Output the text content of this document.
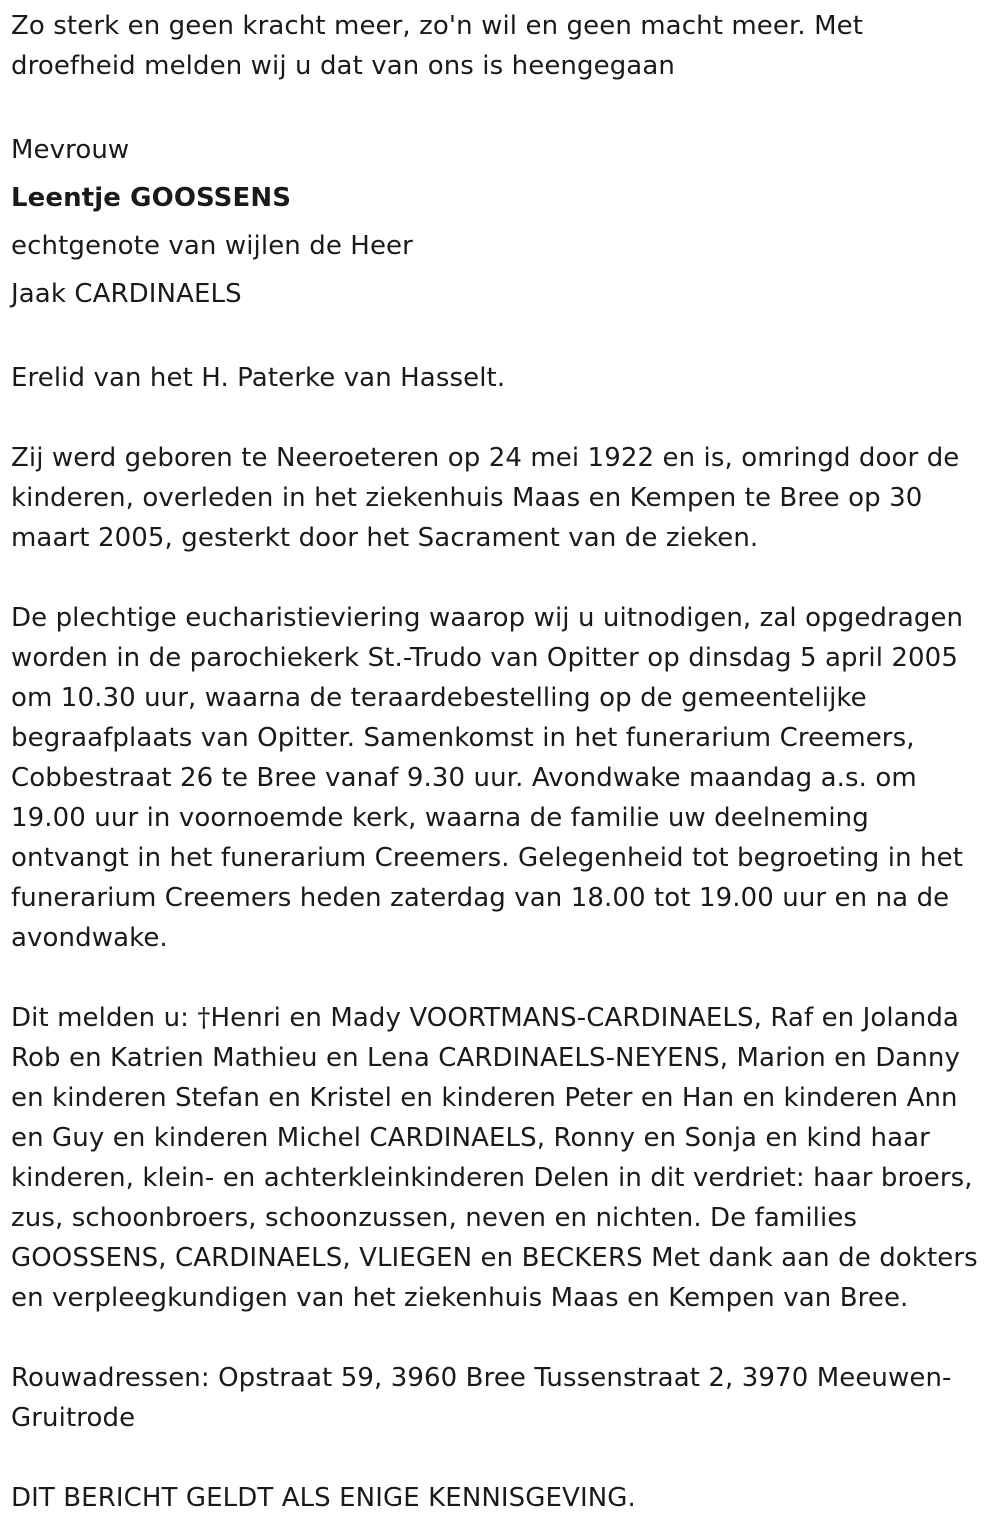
Zo sterk en geen kracht meer, zo'n wil en geen macht meer. Met droefheid melden wij u dat van ons is heengegaan

Mevrouw

Leentje GOOSSENS

echtgenote van wijlen de Heer

Jaak CARDINAELS

Erelid van het H. Paterke van Hasselt.

Zij werd geboren te Neeroeteren op 24 mei 1922 en is, omringd door de kinderen, overleden in het ziekenhuis Maas en Kempen te Bree op 30 maart 2005, gesterkt door het Sacrament van de zieken.

De plechtige eucharistieviering waarop wij u uitnodigen, zal opgedragen worden in de parochiekerk St.-Trudo van Opitter op dinsdag 5 april 2005 om 10.30 uur, waarna de teraardebestelling op de gemeentelijke begraafplaats van Opitter. Samenkomst in het funerarium Creemers, Cobbestraat 26 te Bree vanaf 9.30 uur. Avondwake maandag a.s. om 19.00 uur in voornoemde kerk, waarna de familie uw deelneming ontvangt in het funerarium Creemers. Gelegenheid tot begroeting in het funerarium Creemers heden zaterdag van 18.00 tot 19.00 uur en na de avondwake.

Dit melden u: †Henri en Mady VOORTMANS-CARDINAELS, Raf en Jolanda Rob en Katrien Mathieu en Lena CARDINAELS-NEYENS, Marion en Danny en kinderen Stefan en Kristel en kinderen Peter en Han en kinderen Ann en Guy en kinderen Michel CARDINAELS, Ronny en Sonja en kind haar kinderen, klein- en achterkleinkinderen Delen in dit verdriet: haar broers, zus, schoonbroers, schoonzussen, neven en nichten. De families GOOSSENS, CARDINAELS, VLIEGEN en BECKERS Met dank aan de dokters en verpleegkundigen van het ziekenhuis Maas en Kempen van Bree.

Rouwadressen: Opstraat 59, 3960 Bree Tussenstraat 2, 3970 Meeuwen-Gruitrode

DIT BERICHT GELDT ALS ENIGE KENNISGEVING.
